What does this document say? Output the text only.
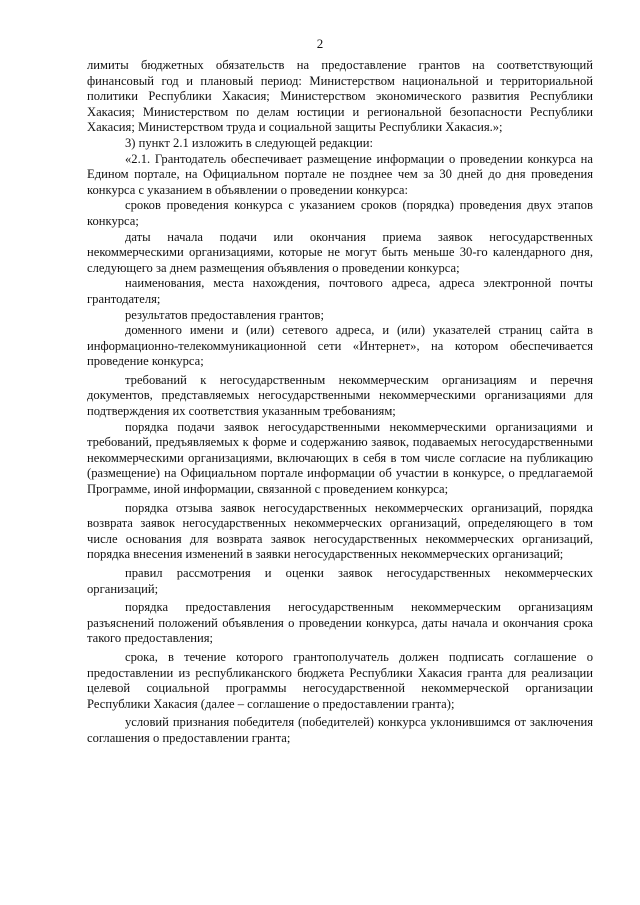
2

лимиты бюджетных обязательств на предоставление грантов на соответствующий финансовый год и плановый период: Министерством национальной и территориальной политики Республики Хакасия; Министерством экономического развития Республики Хакасия; Министерством по делам юстиции и региональной безопасности Республики Хакасия; Министерством труда и социальной защиты Республики Хакасия.»;

3) пункт 2.1 изложить в следующей редакции:

«2.1. Грантодатель обеспечивает размещение информации о проведении конкурса на Едином портале, на Официальном портале не позднее чем за 30 дней до дня проведения конкурса с указанием в объявлении о проведении конкурса:

сроков проведения конкурса с указанием сроков (порядка) проведения двух этапов конкурса;

даты начала подачи или окончания приема заявок негосударственных некоммерческими организациями, которые не могут быть меньше 30-го календарного дня, следующего за днем размещения объявления о проведении конкурса;

наименования, места нахождения, почтового адреса, адреса электронной почты грантодателя;

результатов предоставления грантов;

доменного имени и (или) сетевого адреса, и (или) указателей страниц сайта в информационно-телекоммуникационной сети «Интернет», на котором обеспечивается проведение конкурса;

требований к негосударственным некоммерческим организациям и перечня документов, представляемых негосударственными некоммерческими организациями для подтверждения их соответствия указанным требованиям;

порядка подачи заявок негосударственными некоммерческими организациями и требований, предъявляемых к форме и содержанию заявок, подаваемых негосударственными некоммерческими организациями, включающих в себя в том числе согласие на публикацию (размещение) на Официальном портале информации об участии в конкурсе, о предлагаемой Программе, иной информации, связанной с проведением конкурса;

порядка отзыва заявок негосударственных некоммерческих организаций, порядка возврата заявок негосударственных некоммерческих организаций, определяющего в том числе основания для возврата заявок негосударственных некоммерческих организаций, порядка внесения изменений в заявки негосударственных некоммерческих организаций;

правил рассмотрения и оценки заявок негосударственных некоммерческих организаций;

порядка предоставления негосударственным некоммерческим организациям разъяснений положений объявления о проведении конкурса, даты начала и окончания срока такого предоставления;

срока, в течение которого грантополучатель должен подписать соглашение о предоставлении из республиканского бюджета Республики Хакасия гранта для реализации целевой социальной программы негосударственной некоммерческой организации Республики Хакасия (далее – соглашение о предоставлении гранта);

условий признания победителя (победителей) конкурса уклонившимся от заключения соглашения о предоставлении гранта;
